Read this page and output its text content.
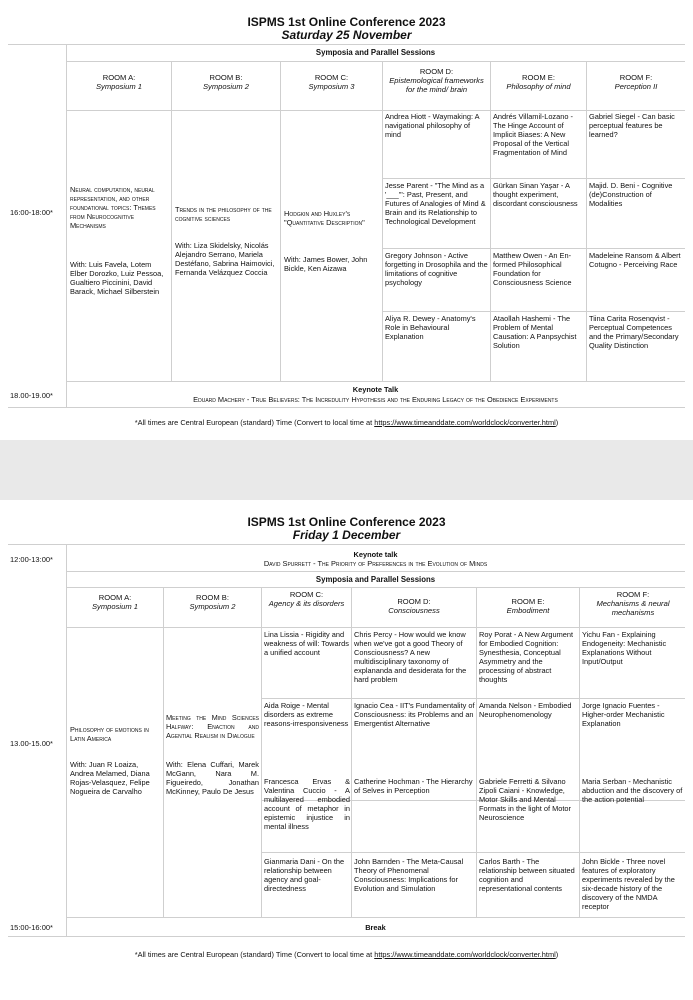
ISPMS 1st Online Conference 2023
Saturday 25 November
Symposia and Parallel Sessions
ROOM A:
Symposium 1
ROOM B:
Symposium 2
ROOM C:
Symposium 3
ROOM D:
Epistemological frameworks for the mind/ brain
ROOM E:
Philosophy of mind
ROOM F:
Perception II
16:00-18:00*
Neural computation, neural representation, and other foundational topics: Themes from Neurocognitive Mechanisms
With: Luis Favela, Lotem Elber Dorozko, Luiz Pessoa, Gualtiero Piccinini, David Barack, Michael Silberstein
Trends in the philosophy of the cognitive sciences
With: Liza Skidelsky, Nicolás Alejandro Serrano, Mariela Destéfano, Sabrina Haimovici, Fernanda Velázquez Coccia
Hodgkin and Huxley's "Quantitative Description"
With: James Bower, John Bickle, Ken Aizawa
Andrea Hiott - Waymaking: A navigational philosophy of mind
Andrés Villamil-Lozano - The Hinge Account of Implicit Biases: A New Proposal of the Vertical Fragmentation of Mind
Gabriel Siegel - Can basic perceptual features be learned?
Jesse Parent - "The Mind as a '___'": Past, Present, and Futures of Analogies of Mind & Brain and its Relationship to Technological Development
Gürkan Sinan Yaşar - A thought experiment, discordant consciousness
Majid. D. Beni - Cognitive (de)Construction of Modalities
Gregory Johnson - Active forgetting in Drosophila and the limitations of cognitive psychology
Matthew Owen - An En-formed Philosophical Foundation for Consciousness Science
Madeleine Ransom & Albert Cotugno - Perceiving Race
Aliya R. Dewey - Anatomy's Role in Behavioural Explanation
Ataollah Hashemi - The Problem of Mental Causation: A Panpsychist Solution
Tiina Carita Rosenqvist - Perceptual Competences and the Primary/Secondary Quality Distinction
18.00-19.00*
Keynote Talk
Eduard Machery - True Believers: The Incredulity Hypothesis and the Enduring Legacy of the Obedience Experiments
*All times are Central European (standard) Time (Convert to local time at https://www.timeanddate.com/worldclock/converter.html)
ISPMS 1st Online Conference 2023
Friday 1 December
12:00-13:00*
Keynote talk
David Spurrett - The Priority of Preferences in the Evolution of Minds
Symposia and Parallel Sessions
ROOM A:
Symposium 1
ROOM B:
Symposium 2
ROOM C:
Agency & its disorders	ROOM D:
Consciousness
ROOM E:
Embodiment
ROOM F:
Mechanisms & neural mechanisms
13.00-15.00*
Philosophy of emotions in Latin America
With: Juan R Loaiza, Andrea Melamed, Diana Rojas-Velasquez, Felipe Nogueira de Carvalho
Meeting the Mind Sciences Halfway: Enaction and Agential Realism in Dialogue
With: Elena Cuffari, Marek McGann, Nara M. Figueiredo, Jonathan McKinney, Paulo De Jesus
Lina Lissia - Rigidity and weakness of will: Towards a unified account
Chris Percy - How would we know when we've got a good Theory of Consciousness? A new multidisciplinary taxonomy of explananda and desiderata for the hard problem
Roy Porat - A New Argument for Embodied Cognition: Synesthesia, Conceptual Asymmetry and the processing of abstract thoughts
Yichu Fan - Explaining Endogeneity: Mechanistic Explanations Without Input/Output
Aida Roige - Mental disorders as extreme reasons-irresponsiveness
Ignacio Cea - IIT's Fundamentality of Consciousness: its Problems and an Emergentist Alternative
Amanda Nelson - Embodied Neurophenomenology
Jorge Ignacio Fuentes - Higher-order Mechanistic Explanation
Francesca Ervas & Valentina Cuccio - A multilayered embodied account of metaphor in epistemic injustice in mental illness
Catherine Hochman - The Hierarchy of Selves in Perception
Gabriele Ferretti & Silvano Zipoli Caiani - Knowledge, Motor Skills and Mental Formats in the light of Motor Neuroscience
Maria Serban - Mechanistic abduction and the discovery of the action potential
Gianmaria Dani - On the relationship between agency and goal-directedness
John Barnden - The Meta-Causal Theory of Phenomenal Consciousness: Implications for Evolution and Simulation
Carlos Barth - The relationship between situated cognition and representational contents
John Bickle - Three novel features of exploratory experiments revealed by the six-decade history of the discovery of the NMDA receptor
15:00-16:00*	Break
*All times are Central European (standard) Time (Convert to local time at https://www.timeanddate.com/worldclock/converter.html)
